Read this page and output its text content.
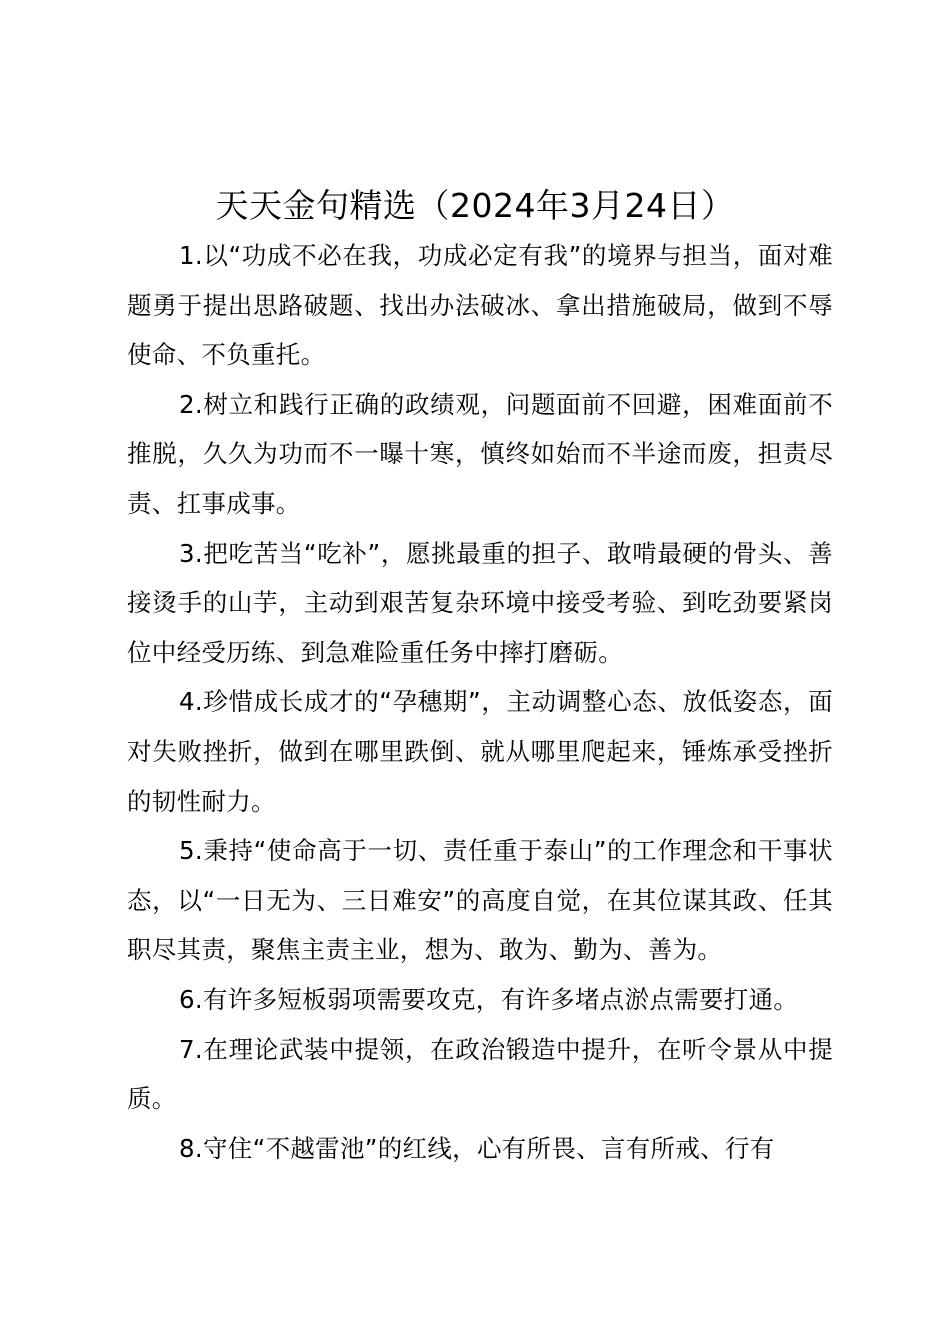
天天金句精选（2024年3月24日）

1.以“功成不必在我，功成必定有我”的境界与担当，面对难题勇于提出思路破题、找出办法破冰、拿出措施破局，做到不辱使命、不负重托。

2.树立和践行正确的政绩观，问题面前不回避，困难面前不推脱，久久为功而不一曝十寒，慎终如始而不半途而废，担责尽责、扛事成事。

3.把吃苦当“吃补”，愿挑最重的担子、敢啃最硬的骨头、善接烫手的山芋，主动到艰苦复杂环境中接受考验、到吃劲要紧岗位中经受历练、到急难险重任务中摔打磨砺。

4.珍惜成长成才的“孕穗期”，主动调整心态、放低姿态，面对失败挫折，做到在哪里跌倒、就从哪里爬起来，锤炼承受挫折的韧性耐力。

5.秉持“使命高于一切、责任重于泰山”的工作理念和干事状态，以“一日无为、三日难安”的高度自觉，在其位谋其政、任其职尽其责，聚焦主责主业，想为、敢为、勤为、善为。

6.有许多短板弱项需要攻克，有许多堵点淤点需要打通。

7.在理论武装中提领，在政治锻造中提升，在听令景从中提质。

8.守住“不越雷池”的红线，心有所畏、言有所戒、行有
